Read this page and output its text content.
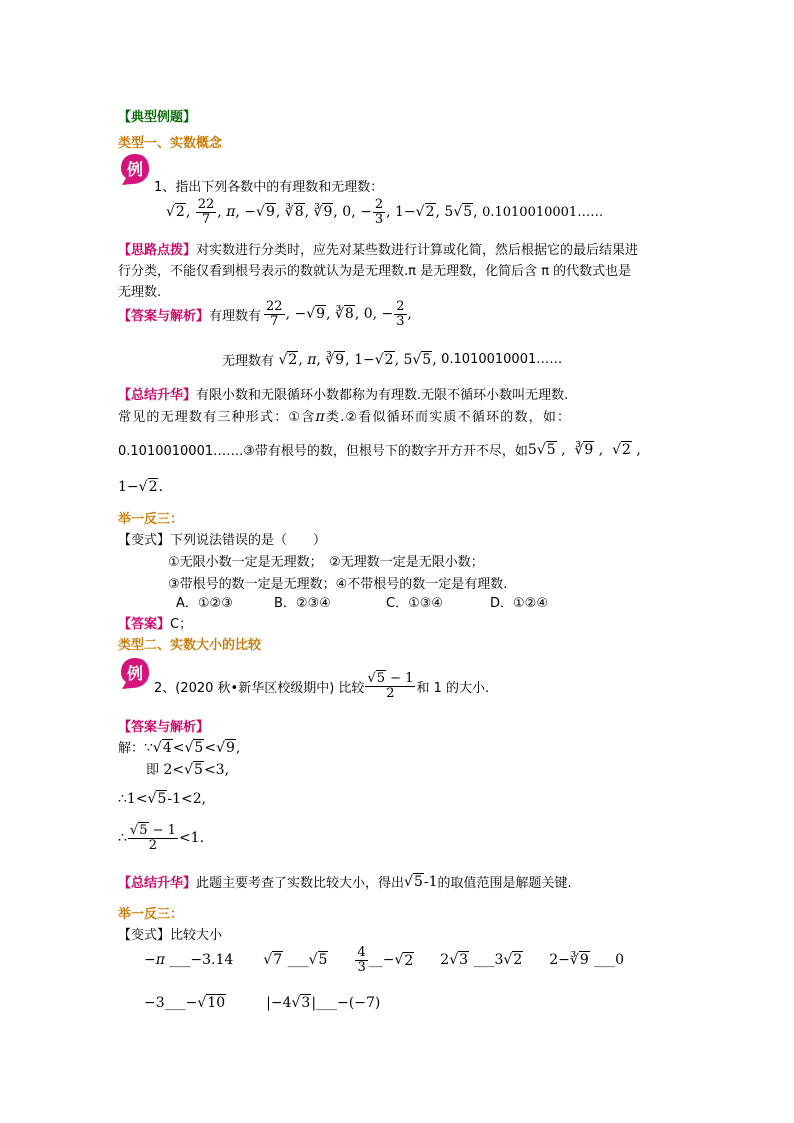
【典型例题】
类型一、实数概念
例
1、指出下列各数中的有理数和无理数：
√2, $\frac{22}{7}$ , π, −√9, ∛8, ∛9, 0, − $\frac{2}{3}$ , 1−√2, 5√5, 0.1010010001……
【思路点拨】对实数进行分类时，应先对某些数进行计算或化简，然后根据它的最后结果进
行分类，不能仅看到根号表示的数就认为是无理数.π 是无理数，化简后含 π 的代数式也是
无理数.
【答案与解析】 有理数有 $\frac{22}{7}$ , −√9, ∛8, 0, − $\frac{2}{3}$ ,
无理数有 √2, π, ∛9, 1−√2, 5√5, 0.1010010001……
【总结升华】有限小数和无限循环小数都称为有理数.无限不循环小数叫无理数.
常见的无理数有三种形式：①含π类.②看似循环而实质不循环的数，如：
0.1010010001…….③带有根号的数，但根号下的数字开方开不尽，如 5√5 ,  ∛9 ,  √2 ,
1−√2.
举一反三：
【变式】下列说法错误的是（　　）
①无限小数一定是无理数；　②无理数一定是无限小数；
③带根号的数一定是无理数；④不带根号的数一定是有理数.
A．①②③	B．②③④	C．①③④	D．①②④
【答案】C；
类型二、实数大小的比较
例
2、(2020 秋•新华区校级期中) 比较 $\frac{√5 - 1}{2}$ 和 1 的大小.
【答案与解析】
解：∵√4<√5<√9,
即 2<√5<3,
∴1<√5-1<2,
∴ $\frac{√5 - 1}{2} <1$.
【总结升华】 此题主要考查了实数比较大小，得出 √5-1 的取值范围是解题关键.
举一反三：
【变式】比较大小
−π ___−3.14 √7 ___√5 $\frac{4}{3}$ __−√ 2 2√3 ___3√2 2−∛9 ___0
−3___−√10	|−4√3|___−(−7)
